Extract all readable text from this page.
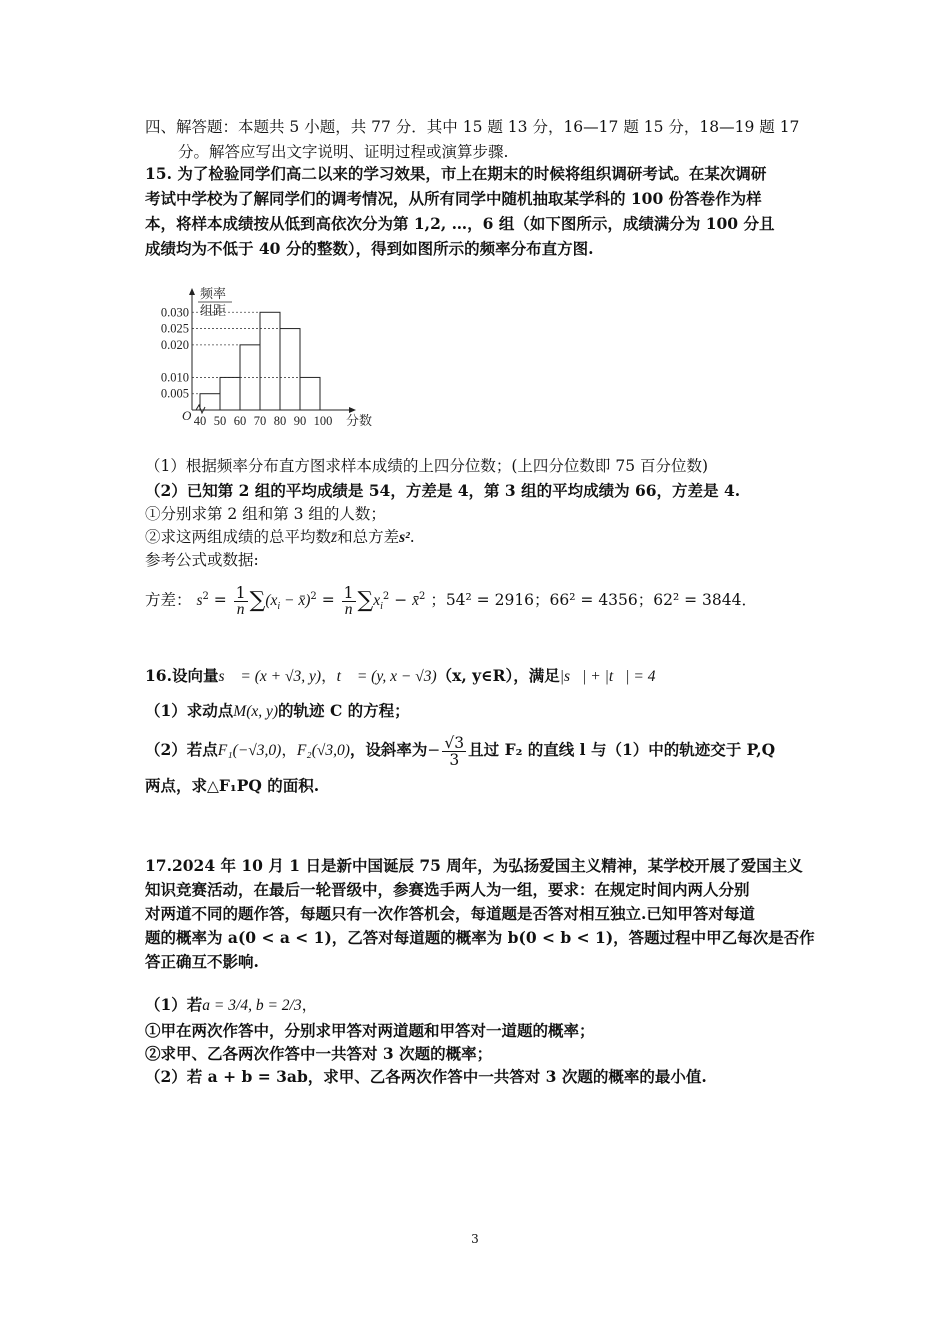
四、解答题：本题共 5 小题，共 77 分．其中 15 题 13 分，16—17 题 15 分，18—19 题 17
分。解答应写出文字说明、证明过程或演算步骤.
15. 为了检验同学们高二以来的学习效果，市上在期末的时候将组织调研考试。在某次调研
考试中学校为了解同学们的调考情况，从所有同学中随机抽取某学科的 100 份答卷作为样
本，将样本成绩按从低到高依次分为第 1,2, …，6 组（如下图所示，成绩满分为 100 分且
成绩均为不低于 40 分的整数），得到如图所示的频率分布直方图.
频率
组距
O	分数
0.030
0.025
0.020
0.010
0.005
40 50 60 70 80 90 100
（1）根据频率分布直方图求样本成绩的上四分位数；(上四分位数即 75 百分位数)
（2）已知第 2 组的平均成绩是 54，方差是 4，第 3 组的平均成绩为 66，方差是 4.
①分别求第 2 组和第 3 组的人数；
②求这两组成绩的总平均数z̄和总方差s².
参考公式或数据:
方差： $s^2 = \frac{1}{n} \sum(x_i$ − x̄)$^2$ = $\frac{1}{n} \sum x_i^2$ − x̄$^2$ ；54² = 2916；66² = 4356；62² = 3844．
16.设向量s⃗ = (x + √3, y)，t⃗ = (y, x − √3)（x, y∈R），满足|s⃗| + |t⃗| = 4．
（1）求动点M(x, y)的轨迹 C 的方程；
（2）若点F₁(−√3,0)，F₂(√3,0)，设斜率为− $\frac{√3}{3}$ 且过 F₂ 的直线 l 与（1）中的轨迹交于 P,Q
两点，求△F₁PQ 的面积.
17.2024 年 10 月 1 日是新中国诞辰 75 周年，为弘扬爱国主义精神，某学校开展了爱国主义
知识竞赛活动，在最后一轮晋级中，参赛选手两人为一组，要求：在规定时间内两人分别
对两道不同的题作答，每题只有一次作答机会，每道题是否答对相互独立.已知甲答对每道
题的概率为 a(0 < a < 1)，乙答对每道题的概率为 b(0 < b < 1)，答题过程中甲乙每次是否作
答正确互不影响.
（1）若a = 3/4, b = 2/3，
①甲在两次作答中，分别求甲答对两道题和甲答对一道题的概率；
②求甲、乙各两次作答中一共答对 3 次题的概率；
（2）若 a + b = 3ab，求甲、乙各两次作答中一共答对 3 次题的概率的最小值.
3
